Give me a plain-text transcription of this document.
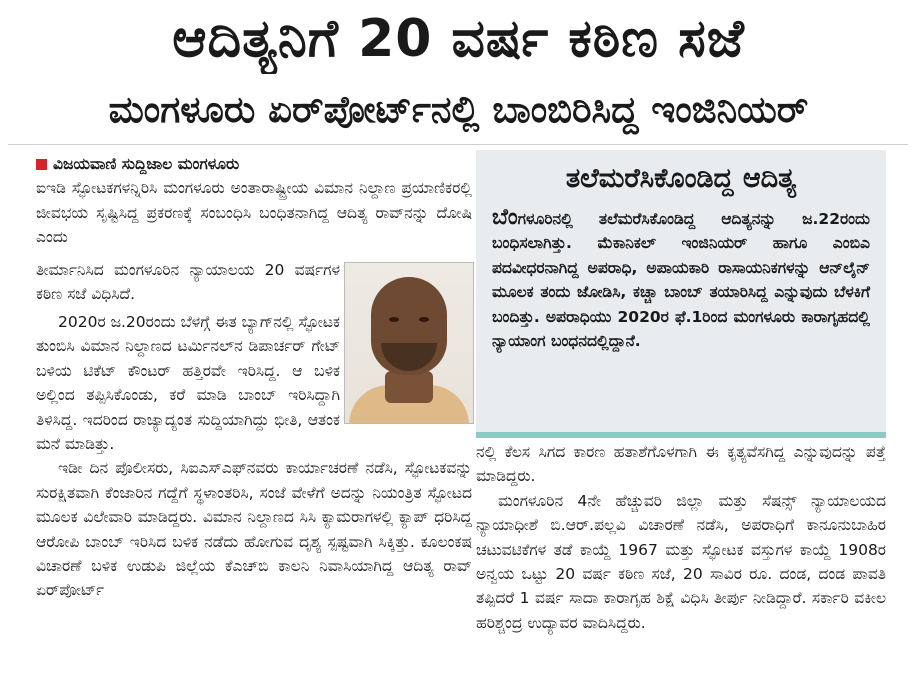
ಆದಿತ್ಯನಿಗೆ 20 ವರ್ಷ ಕಠಿಣ ಸಜೆ
ಮಂಗಳೂರು ಏರ್‌ಪೋರ್ಟ್‌ನಲ್ಲಿ ಬಾಂಬಿರಿಸಿದ್ದ ಇಂಜಿನಿಯರ್
ವಿಜಯವಾಣಿ ಸುದ್ದಿಜಾಲ ಮಂಗಳೂರು

ಐಇಡಿ ಸ್ಫೋಟಕಗಳನ್ನಿರಿಸಿ ಮಂಗಳೂರು ಅಂತಾರಾಷ್ಟ್ರೀಯ ವಿಮಾನ ನಿಲ್ದಾಣ ಪ್ರಯಾಣಿಕರಲ್ಲಿ ಜೀವಭಯ ಸೃಷ್ಟಿಸಿದ್ದ ಪ್ರಕರಣಕ್ಕೆ ಸಂಬಂಧಿಸಿ ಬಂಧಿತನಾಗಿದ್ದ ಆದಿತ್ಯ ರಾವ್‌ನನ್ನು ದೋಷಿ ಎಂದು

ತೀರ್ಮಾನಿಸಿದ ಮಂಗಳೂರಿನ ನ್ಯಾಯಾಲಯ 20 ವರ್ಷಗಳ ಕಠಿಣ ಸಜೆ ವಿಧಿಸಿದೆ.

2020ರ ಜ.20ರಂದು ಬೆಳಗ್ಗೆ ಈತ ಬ್ಯಾಗ್‌ನಲ್ಲಿ ಸ್ಫೋಟಕ ತುಂಬಿಸಿ ವಿಮಾನ ನಿಲ್ದಾಣದ ಟರ್ಮಿನಲ್‌ನ ಡಿಪಾರ್ಚರ್ ಗೇಟ್ ಬಳಿಯ ಟಿಕೆಟ್ ಕೌಂಟರ್ ಹತ್ತಿರವೇ ಇರಿಸಿದ್ದ. ಆ ಬಳಿಕ ಅಲ್ಲಿಂದ ತಪ್ಪಿಸಿಕೊಂಡು, ಕರೆ ಮಾಡಿ ಬಾಂಬ್ ಇರಿಸಿದ್ದಾಗಿ ತಿಳಿಸಿದ್ದ. ಇದರಿಂದ ರಾಜ್ಯಾದ್ಯಂತ ಸುದ್ದಿಯಾಗಿದ್ದು ಭೀತಿ, ಆತಂಕ ಮನೆ ಮಾಡಿತ್ತು.

ಇಡೀ ದಿನ ಪೊಲೀಸರು, ಸಿಐಎಸ್‌ಎಫ್‌ನವರು ಕಾರ್ಯಾಚರಣೆ ನಡೆಸಿ, ಸ್ಫೋಟಕವನ್ನು ಸುರಕ್ಷಿತವಾಗಿ ಕೆಂಜಾರಿನ ಗದ್ದೆಗೆ ಸ್ಥಳಾಂತರಿಸಿ, ಸಂಜೆ ವೇಳೆಗೆ ಅದನ್ನು ನಿಯಂತ್ರಿತ ಸ್ಫೋಟದ ಮೂಲಕ ವಿಲೇವಾರಿ ಮಾಡಿದ್ದರು. ವಿಮಾನ ನಿಲ್ದಾಣದ ಸಿಸಿ ಕ್ಯಾಮರಾಗಳಲ್ಲಿ ಕ್ಯಾಪ್ ಧರಿಸಿದ್ದ ಆರೋಪಿ ಬಾಂಬ್ ಇರಿಸಿದ ಬಳಿಕ ನಡೆದು ಹೋಗುವ ದೃಶ್ಯ ಸ್ಪಷ್ಟವಾಗಿ ಸಿಕ್ಕಿತ್ತು. ಕೂಲಂಕಷ ವಿಚಾರಣೆ ಬಳಿಕ ಉಡುಪಿ ಜಿಲ್ಲೆಯ ಕೆಎಚ್‌ಬಿ ಕಾಲನಿ ನಿವಾಸಿಯಾಗಿದ್ದ ಆದಿತ್ಯ ರಾವ್ ಏರ್‌ಪೋರ್ಟ್‌

ತಲೆಮರೆಸಿಕೊಂಡಿದ್ದ ಆದಿತ್ಯ
ಬೆಂಗಳೂರಿನಲ್ಲಿ ತಲೆಮರೆಸಿಕೊಂಡಿದ್ದ ಆದಿತ್ಯನನ್ನು ಜ.22ರಂದು ಬಂಧಿಸಲಾಗಿತ್ತು. ಮೆಕಾನಿಕಲ್ ಇಂಜಿನಿಯರ್ ಹಾಗೂ ಎಂಬಿಎ ಪದವೀಧರನಾಗಿದ್ದ ಅಪರಾಧಿ, ಅಪಾಯಕಾರಿ ರಾಸಾಯನಿಕಗಳನ್ನು ಆನ್‌ಲೈನ್ ಮೂಲಕ ತಂದು ಜೋಡಿಸಿ, ಕಚ್ಚಾ ಬಾಂಬ್ ತಯಾರಿಸಿದ್ದ ಎನ್ನುವುದು ಬೆಳಕಿಗೆ ಬಂದಿತ್ತು. ಅಪರಾಧಿಯು 2020ರ ಫೆ.1ರಿಂದ ಮಂಗಳೂರು ಕಾರಾಗೃಹದಲ್ಲಿ ನ್ಯಾಯಾಂಗ ಬಂಧನದಲ್ಲಿದ್ದಾನೆ.

ನಲ್ಲಿ ಕೆಲಸ ಸಿಗದ ಕಾರಣ ಹತಾಶೆಗೊಳಗಾಗಿ ಈ ಕೃತ್ಯವೆಸಗಿದ್ದ ಎನ್ನುವುದನ್ನು ಪತ್ತೆ ಮಾಡಿದ್ದರು.

ಮಂಗಳೂರಿನ 4ನೇ ಹೆಚ್ಚುವರಿ ಜಿಲ್ಲಾ ಮತ್ತು ಸೆಷನ್ಸ್ ನ್ಯಾಯಾಲಯದ ನ್ಯಾಯಾಧೀಶೆ ಬಿ.ಆರ್.ಪಲ್ಲವಿ ವಿಚಾರಣೆ ನಡೆಸಿ, ಅಪರಾಧಿಗೆ ಕಾನೂನುಬಾಹಿರ ಚಟುವಟಿಕೆಗಳ ತಡೆ ಕಾಯ್ದೆ 1967 ಮತ್ತು ಸ್ಫೋಟಕ ವಸ್ತುಗಳ ಕಾಯ್ದೆ 1908ರ ಅನ್ವಯ ಒಟ್ಟು 20 ವರ್ಷ ಕಠಿಣ ಸಜೆ, 20 ಸಾವಿರ ರೂ. ದಂಡ, ದಂಡ ಪಾವತಿ ತಪ್ಪಿದರೆ 1 ವರ್ಷ ಸಾದಾ ಕಾರಾಗೃಹ ಶಿಕ್ಷೆ ವಿಧಿಸಿ ತೀರ್ಪು ನೀಡಿದ್ದಾರೆ. ಸರ್ಕಾರಿ ವಕೀಲ ಹರಿಶ್ಚಂದ್ರ ಉದ್ಯಾವರ ವಾದಿಸಿದ್ದರು.
